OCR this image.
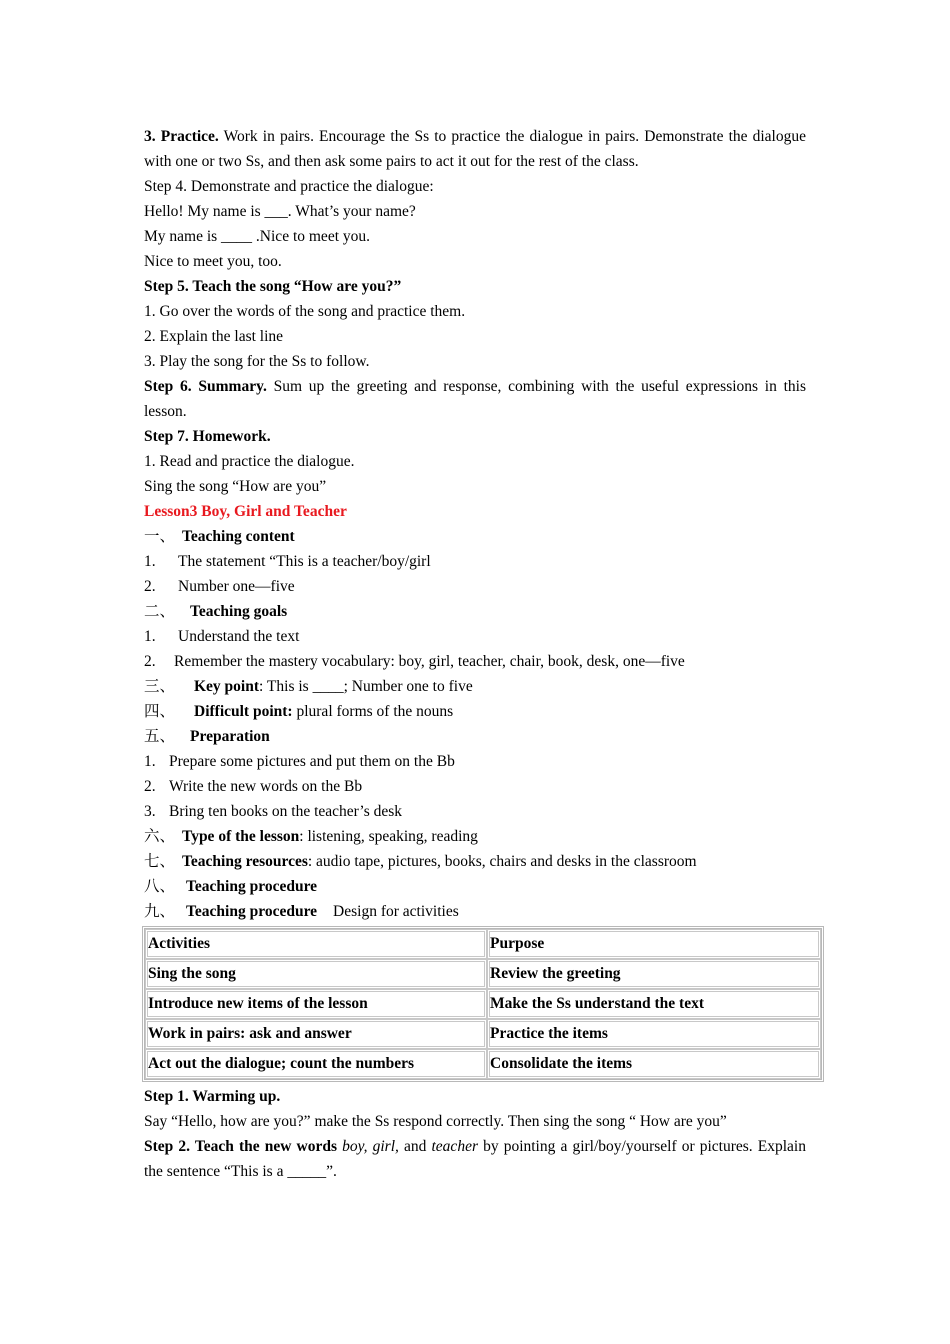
3. Practice. Work in pairs. Encourage the Ss to practice the dialogue in pairs. Demonstrate the dialogue with one or two Ss, and then ask some pairs to act it out for the rest of the class.
Step 4. Demonstrate and practice the dialogue:
Hello! My name is ___. What’s your name?
My name is ____ .Nice to meet you.
Nice to meet you, too.
Step 5. Teach the song “How are you?”
1. Go over the words of the song and practice them.
2. Explain the last line
3. Play the song for the Ss to follow.
Step 6. Summary. Sum up the greeting and response, combining with the useful expressions in this lesson.
Step 7. Homework.
1. Read and practice the dialogue.
Sing the song “How are you”
Lesson3 Boy, Girl and Teacher
一、 Teaching content
1. The statement “This is a teacher/boy/girl
2. Number one—five
二、 Teaching goals
1. Understand the text
2. Remember the mastery vocabulary: boy, girl, teacher, chair, book, desk, one—five
三、 Key point: This is ____; Number one to five
四、 Difficult point: plural forms of the nouns
五、 Preparation
1. Prepare some pictures and put them on the Bb
2. Write the new words on the Bb
3. Bring ten books on the teacher’s desk
六、 Type of the lesson: listening, speaking, reading
七、 Teaching resources: audio tape, pictures, books, chairs and desks in the classroom
八、 Teaching procedure
九、 Teaching procedure Design for activities
Activities	Purpose
Sing the song	Review the greeting
Introduce new items of the lesson	Make the Ss understand the text
Work in pairs: ask and answer	Practice the items
Act out the dialogue; count the numbers	Consolidate the items
Step 1. Warming up.
Say “Hello, how are you?” make the Ss respond correctly. Then sing the song “ How are you”
Step 2. Teach the new words boy, girl, and teacher by pointing a girl/boy/yourself or pictures. Explain the sentence “This is a _____”.
